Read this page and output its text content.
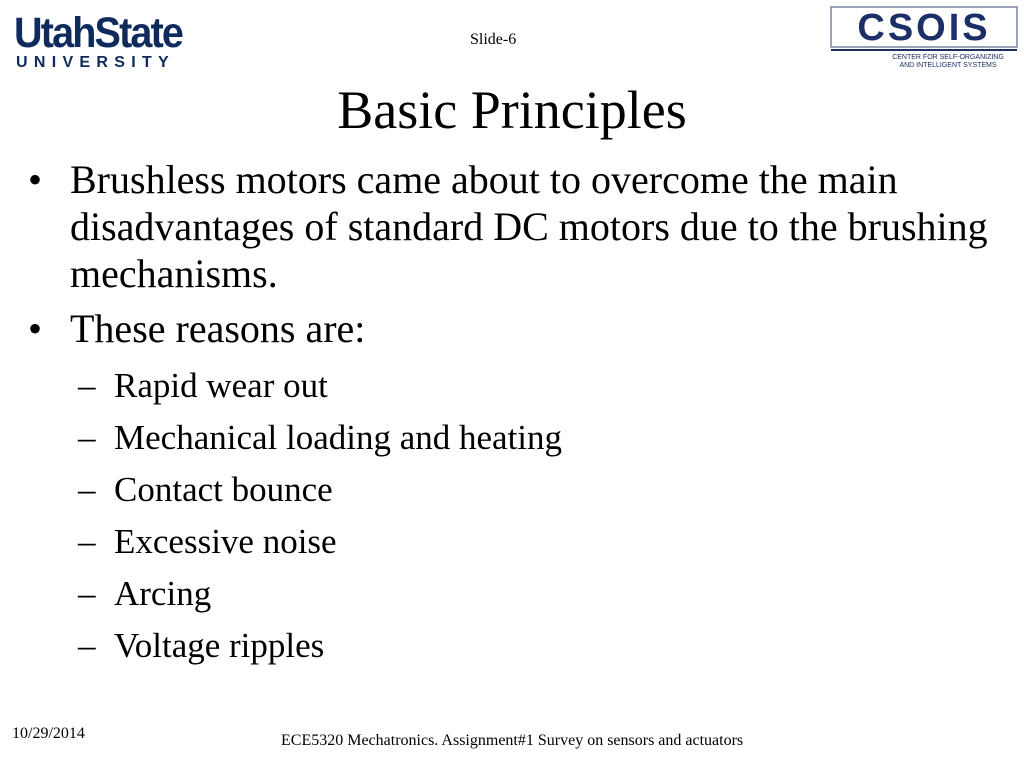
UtahState
UNIVERSITY
Slide-6	CSOIS
CENTER FOR SELF-ORGANIZING
AND INTELLIGENT SYSTEMS
Basic Principles
• Brushless motors came about to overcome the main disadvantages of standard DC motors due to the brushing mechanisms.
• These reasons are:
– Rapid wear out
– Mechanical loading and heating
– Contact bounce
– Excessive noise
– Arcing
– Voltage ripples
10/29/2014	ECE5320 Mechatronics. Assignment#1 Survey on sensors and actuators
